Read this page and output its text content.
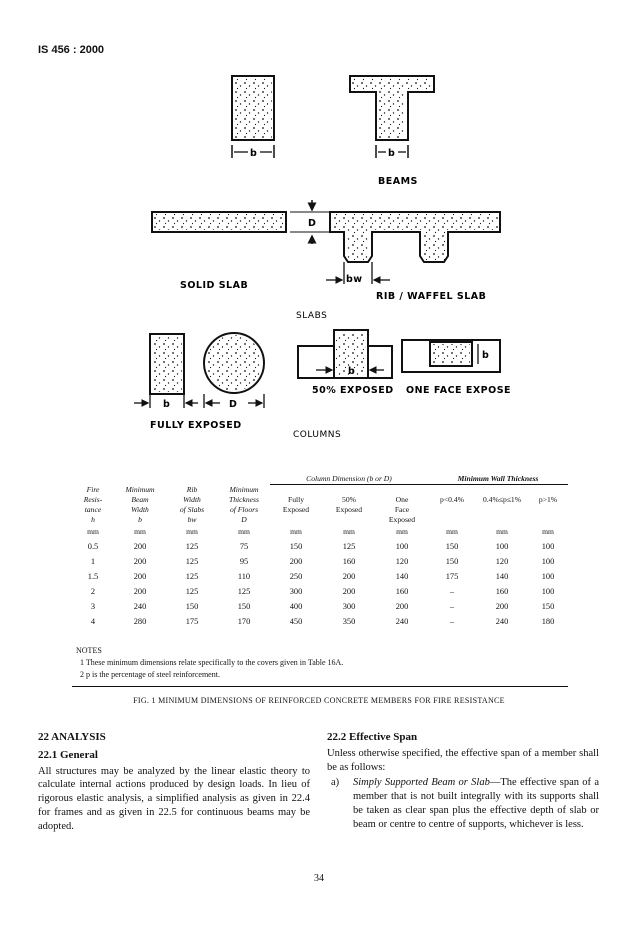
IS 456 : 2000
b	b
BEAMS
SOLID SLAB
D
bw
RIB / WAFFEL SLAB
SLABS
b	D
FULLY EXPOSED
b
50% EXPOSED
b
ONE FACE EXPOSE
COLUMNS
				Column Dimension (b or D)			Minimum Wall Thickness		
Fire	Minimum	Rib	Minimum						
Resis-	Beam	Width	Thickness	Fully	50%	One	p<0.4%	0.4%≤p≤1%	p>1%
tance	Width	of Slabs	of Floors	Exposed	Exposed	Face			
h	b	bw	D			Exposed			
mm	mm	mm	mm	mm	mm	mm	mm	mm	mm
0.5	200	125	75	150	125	100	150	100	100
1	200	125	95	200	160	120	150	120	100
1.5	200	125	110	250	200	140	175	140	100
2	200	125	125	300	200	160	–	160	100
3	240	150	150	400	300	200	–	200	150
4	280	175	170	450	350	240	–	240	180
NOTES
1 These minimum dimensions relate specifically to the covers given in Table 16A.
2 p is the percentage of steel reinforcement.
FIG. 1 MINIMUM DIMENSIONS OF REINFORCED CONCRETE MEMBERS FOR FIRE RESISTANCE
22 ANALYSIS
22.1 General
All structures may be analyzed by the linear elastic theory to calculate internal actions produced by design loads. In lieu of rigorous elastic analysis, a simplified analysis as given in 22.4 for frames and as given in 22.5 for continuous beams may be adopted.
22.2 Effective Span
Unless otherwise specified, the effective span of a member shall be as follows:
a)	Simply Supported Beam or Slab—The effective span of a member that is not built integrally with its supports shall be taken as clear span plus the effective depth of slab or beam or centre to centre of supports, whichever is less.
34
